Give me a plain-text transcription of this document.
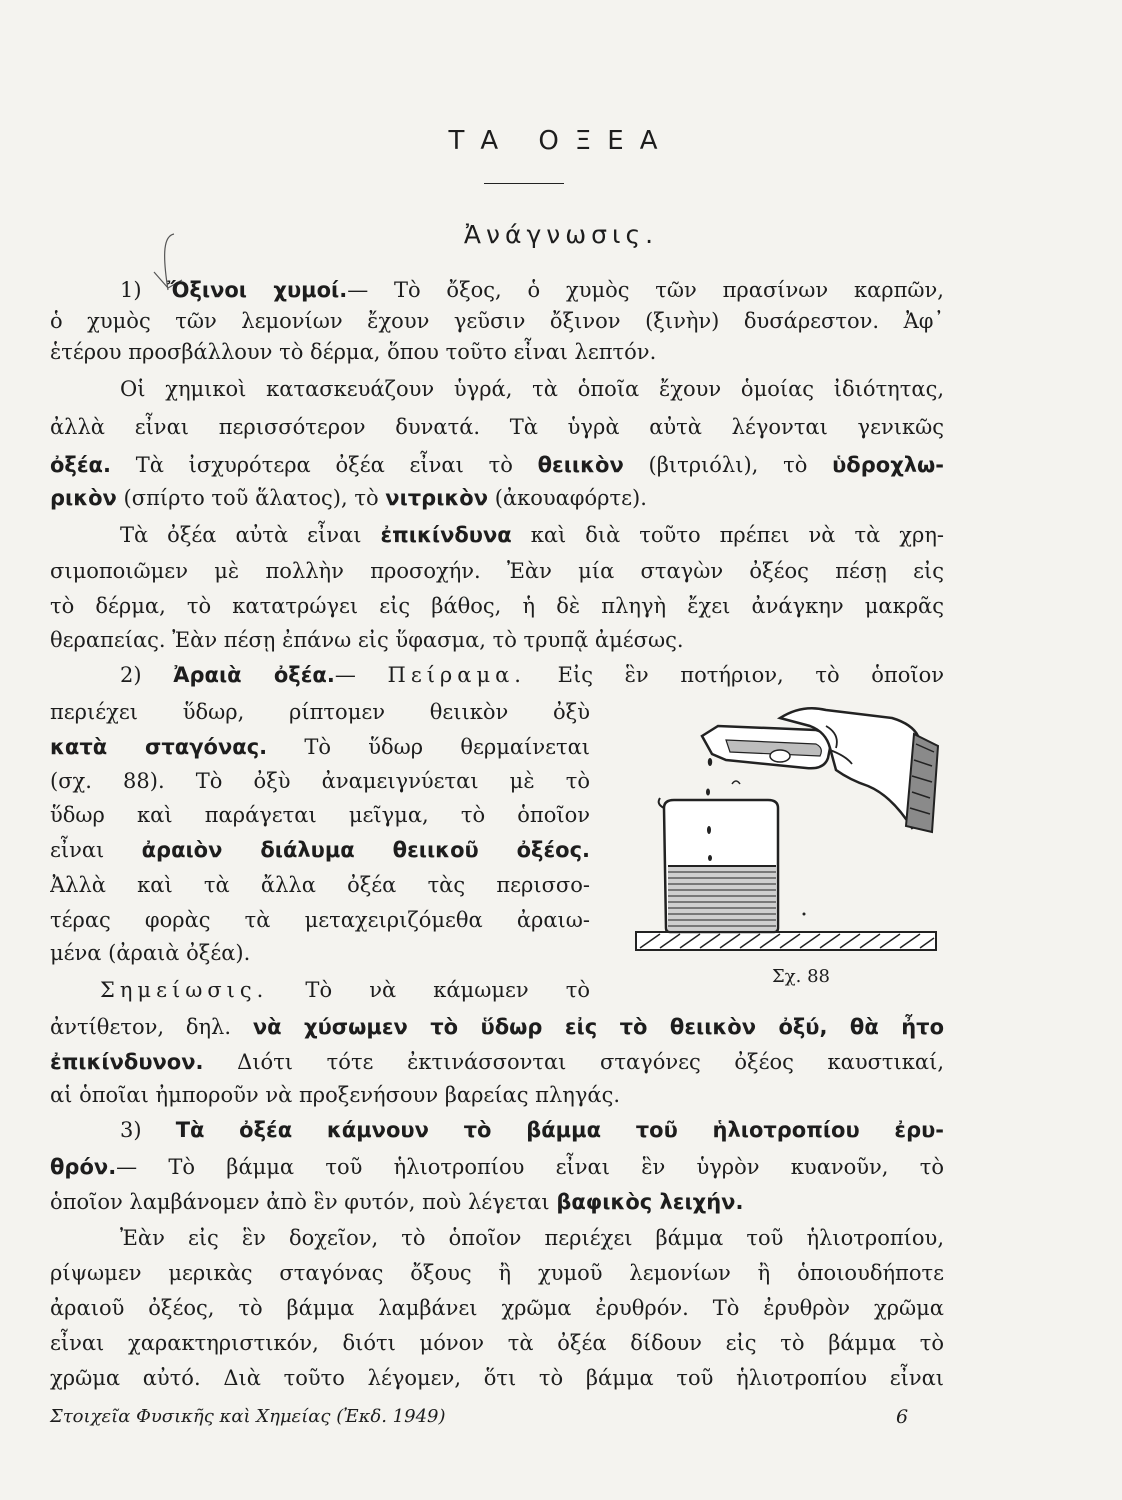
ΤΑ ΟΞΕΑ
Ἀνάγνωσις.
1) Ὄξινοι χυμοί.— Τὸ ὄξος, ὁ χυμὸς τῶν πρασίνων καρπῶν,
ὁ χυμὸς τῶν λεμονίων ἔχουν γεῦσιν ὄξινον (ξινὴν) δυσάρεστον. Ἀφ᾽
ἑτέρου προσβάλλουν τὸ δέρμα, ὅπου τοῦτο εἶναι λεπτόν.
Οἱ χημικοὶ κατασκευάζουν ὑγρά, τὰ ὁποῖα ἔχουν ὁμοίας ἰδιότητας,
ἀλλὰ εἶναι περισσότερον δυνατά. Τὰ ὑγρὰ αὐτὰ λέγονται γενικῶς
ὀξέα. Τὰ ἰσχυρότερα ὀξέα εἶναι τὸ θειικὸν (βιτριόλι), τὸ ὑδροχλω-
ρικὸν (σπίρτο τοῦ ἅλατος), τὸ νιτρικὸν (ἀκουαφόρτε).
Τὰ ὀξέα αὐτὰ εἶναι ἐπικίνδυνα καὶ διὰ τοῦτο πρέπει νὰ τὰ χρη-
σιμοποιῶμεν μὲ πολλὴν προσοχήν. Ἐὰν μία σταγὼν ὀξέος πέσῃ εἰς
τὸ δέρμα, τὸ κατατρώγει εἰς βάθος, ἡ δὲ πληγὴ ἔχει ἀνάγκην μακρᾶς
θεραπείας. Ἐὰν πέσῃ ἐπάνω εἰς ὕφασμα, τὸ τρυπᾷ ἀμέσως.
2) Ἀραιὰ ὀξέα.— Πείραμα. Εἰς ἓν ποτήριον, τὸ ὁποῖον
περιέχει ὕδωρ, ρίπτομεν θειικὸν ὀξὺ
κατὰ σταγόνας. Τὸ ὕδωρ θερμαίνεται
(σχ. 88). Τὸ ὀξὺ ἀναμειγνύεται μὲ τὸ
ὕδωρ καὶ παράγεται μεῖγμα, τὸ ὁποῖον
εἶναι ἀραιὸν διάλυμα θειικοῦ ὀξέος.
Ἀλλὰ καὶ τὰ ἄλλα ὀξέα τὰς περισσο-
τέρας φορὰς τὰ μεταχειριζόμεθα ἀραιω-
μένα (ἀραιὰ ὀξέα).
Σημείωσις. Τὸ νὰ κάμωμεν τὸ
ἀντίθετον, δηλ. νὰ χύσωμεν τὸ ὕδωρ εἰς τὸ θειικὸν ὀξύ, θὰ ἦτο
ἐπικίνδυνον. Διότι τότε ἐκτινάσσονται σταγόνες ὀξέος καυστικαί,
αἱ ὁποῖαι ἠμποροῦν νὰ προξενήσουν βαρείας πληγάς.
Σχ. 88
3) Τὰ ὀξέα κάμνουν τὸ βάμμα τοῦ ἡλιοτροπίου ἐρυ-
θρόν.— Τὸ βάμμα τοῦ ἡλιοτροπίου εἶναι ἓν ὑγρὸν κυανοῦν, τὸ
ὁποῖον λαμβάνομεν ἀπὸ ἓν φυτόν, ποὺ λέγεται βαφικὸς λειχήν.
Ἐὰν εἰς ἓν δοχεῖον, τὸ ὁποῖον περιέχει βάμμα τοῦ ἡλιοτροπίου,
ρίψωμεν μερικὰς σταγόνας ὄξους ἢ χυμοῦ λεμονίων ἢ ὁποιουδήποτε
ἀραιοῦ ὀξέος, τὸ βάμμα λαμβάνει χρῶμα ἐρυθρόν. Τὸ ἐρυθρὸν χρῶμα
εἶναι χαρακτηριστικόν, διότι μόνον τὰ ὀξέα δίδουν εἰς τὸ βάμμα τὸ
χρῶμα αὐτό. Διὰ τοῦτο λέγομεν, ὅτι τὸ βάμμα τοῦ ἡλιοτροπίου εἶναι
Στοιχεῖα Φυσικῆς καὶ Χημείας (Ἐκδ. 1949)	6
